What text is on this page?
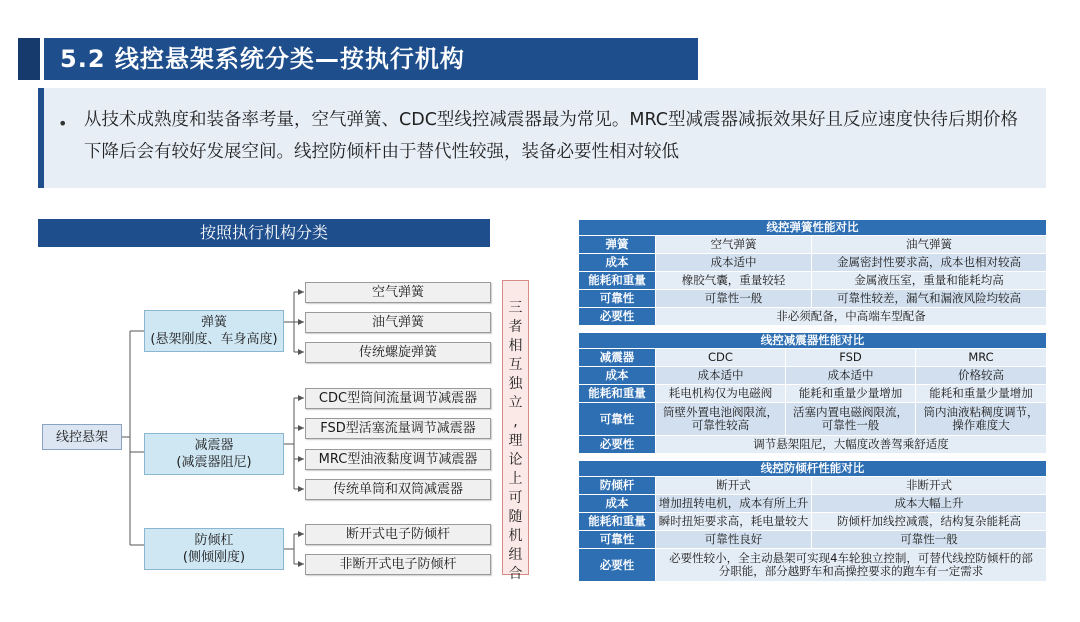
5.2 线控悬架系统分类—按执行机构
• 从技术成熟度和装备率考量，空气弹簧、CDC型线控减震器最为常见。MRC型减震器减振效果好且反应速度快待后期价格下降后会有较好发展空间。线控防倾杆由于替代性较强，装备必要性相对较低
按照执行机构分类
线控悬架
弹簧
(悬架刚度、车身高度)
减震器
(减震器阻尼)
防倾杠
(侧倾刚度)
空气弹簧
油气弹簧
传统螺旋弹簧
CDC型筒间流量调节减震器
FSD型活塞流量调节减震器
MRC型油液黏度调节减震器
传统单筒和双筒减震器
断开式电子防倾杆
非断开式电子防倾杆
三
者
相
互
独
立
,
理
论
上
可
随
机
组
合
线控弹簧性能对比		
弹簧	空气弹簧	油气弹簧
成本	成本适中	金属密封性要求高，成本也相对较高
能耗和重量	橡胶气囊，重量较轻	金属液压室，重量和能耗均高
可靠性	可靠性一般	可靠性较差，漏气和漏液风险均较高
必要性	非必须配备，中高端车型配备	
线控减震器性能对比			
减震器	CDC	FSD	MRC
成本	成本适中	成本适中	价格较高
能耗和重量	耗电机构仅为电磁阀	能耗和重量少量增加	能耗和重量少量增加
可靠性	筒壁外置电池阀限流，可靠性较高	活塞内置电磁阀限流，可靠性一般	筒内油液粘稠度调节，操作难度大
必要性	调节悬架阻尼，大幅度改善驾乘舒适度		
线控防倾杆性能对比		
防倾杆	断开式	非断开式
成本	增加扭转电机，成本有所上升	成本大幅上升
能耗和重量	瞬时扭矩要求高，耗电量较大	防倾杆加线控减震，结构复杂能耗高
可靠性	可靠性良好	可靠性一般
必要性	必要性较小，全主动悬架可实现4车轮独立控制，可替代线控防倾杆的部分职能，部分越野车和高操控要求的跑车有一定需求	
